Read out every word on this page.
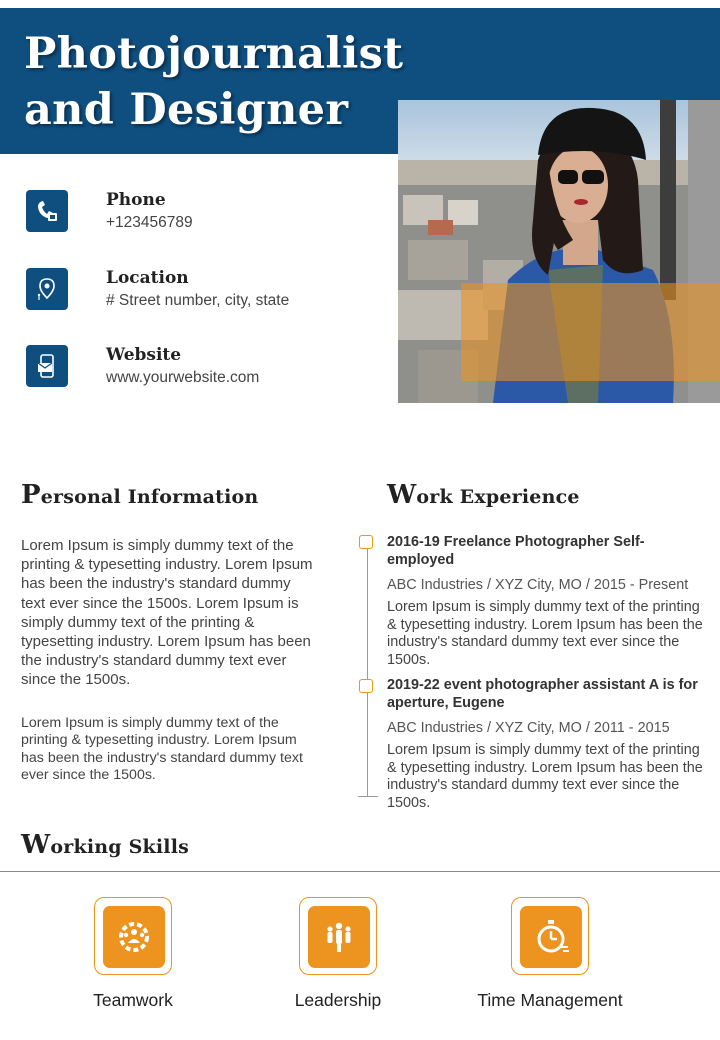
Photojournalist
and Designer
Phone
+123456789
Location
# Street number, city, state
Website
www.yourwebsite.com
Personal Information

Lorem Ipsum is simply dummy text of the printing & typesetting industry. Lorem Ipsum has been the industry's standard dummy text ever since the 1500s. Lorem Ipsum is simply dummy text of the printing & typesetting industry. Lorem Ipsum has been the industry's standard dummy text ever since the 1500s.

Lorem Ipsum is simply dummy text of the printing & typesetting industry. Lorem Ipsum has been the industry's standard dummy text ever since the 1500s.

Work Experience
2016-19 Freelance Photographer Self-employed
ABC Industries / XYZ City, MO / 2015 - Present
Lorem Ipsum is simply dummy text of the printing & typesetting industry. Lorem Ipsum has been the industry's standard dummy text ever since the 1500s.
2019-22 event photographer assistant A is for aperture, Eugene
ABC Industries / XYZ City, MO / 2011 - 2015
Lorem Ipsum is simply dummy text of the printing & typesetting industry. Lorem Ipsum has been the industry's standard dummy text ever since the 1500s.
Working Skills
Teamwork	Leadership	Time Management
